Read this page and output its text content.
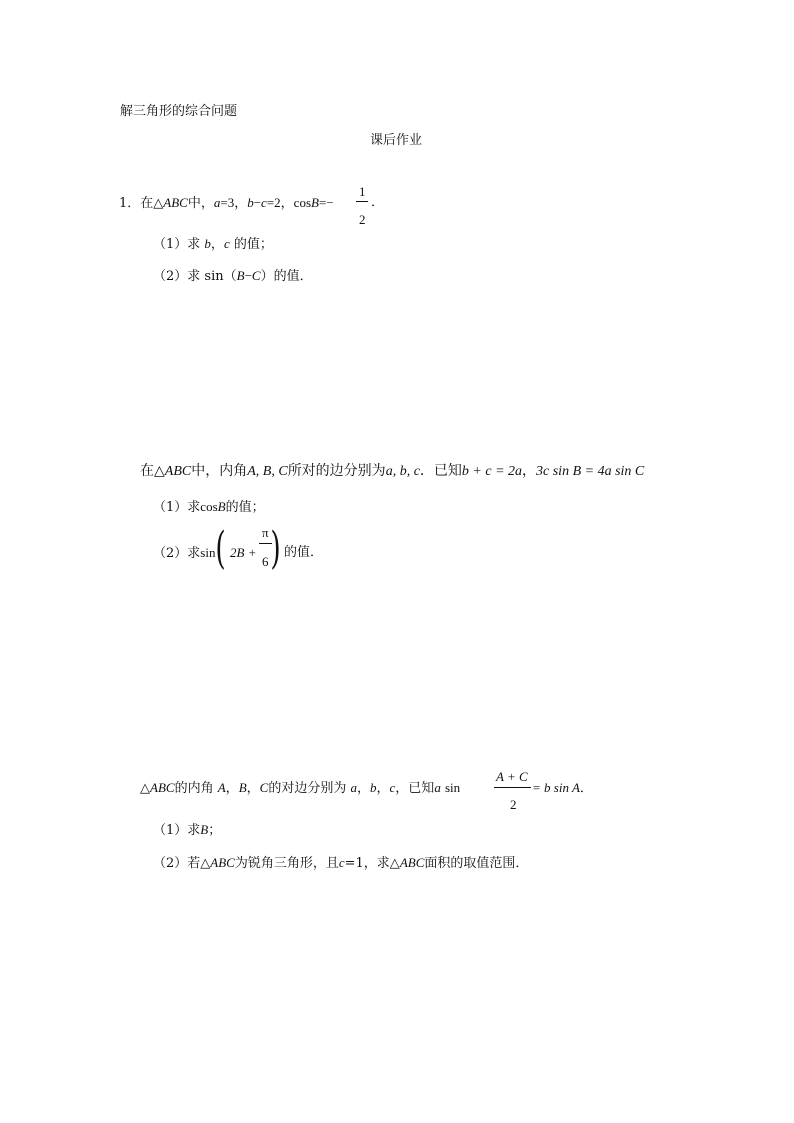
解三角形的综合问题
课后作业
1．在△ABC中，a=3，b−c=2，cosB=−
1
2
．
（1）求 b，c 的值；
（2）求 sin（B−C）的值．
在△ABC中，内角A, B, C所对的边分别为a, b, c．已知b + c = 2a，3c sin B = 4a sin C
（1）求cosB的值；
（2）求sin ( 2B +
π
6 ) 的值．
△ABC的内角 A，B，C的对边分别为 a，b，c，已知a sin
A + C
2
= b sin A．
（1）求B；
（2）若△ABC为锐角三角形，且c=1，求△ABC面积的取值范围．
